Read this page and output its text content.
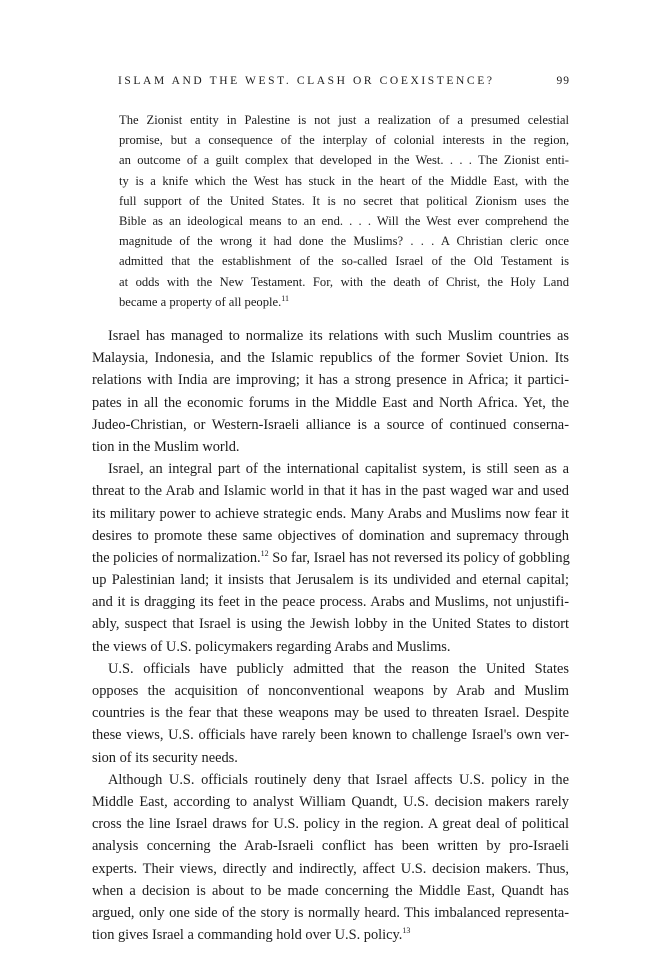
ISLAM AND THE WEST. CLASH OR COEXISTENCE?	99
The Zionist entity in Palestine is not just a realization of a presumed celestial
promise, but a consequence of the interplay of colonial interests in the region,
an outcome of a guilt complex that developed in the West. . . . The Zionist enti-
ty is a knife which the West has stuck in the heart of the Middle East, with the
full support of the United States. It is no secret that political Zionism uses the
Bible as an ideological means to an end. . . . Will the West ever comprehend the
magnitude of the wrong it had done the Muslims? . . . A Christian cleric once
admitted that the establishment of the so-called Israel of the Old Testament is
at odds with the New Testament. For, with the death of Christ, the Holy Land
became a property of all people.$^{11}$
Israel has managed to normalize its relations with such Muslim countries as
Malaysia, Indonesia, and the Islamic republics of the former Soviet Union. Its
relations with India are improving; it has a strong presence in Africa; it partici-
pates in all the economic forums in the Middle East and North Africa. Yet, the
Judeo-Christian, or Western-Israeli alliance is a source of continued conserna-
tion in the Muslim world.
Israel, an integral part of the international capitalist system, is still seen as a
threat to the Arab and Islamic world in that it has in the past waged war and used
its military power to achieve strategic ends. Many Arabs and Muslims now fear it
desires to promote these same objectives of domination and supremacy through
the policies of normalization.$^{12}$ So far, Israel has not reversed its policy of gobbling
up Palestinian land; it insists that Jerusalem is its undivided and eternal capital;
and it is dragging its feet in the peace process. Arabs and Muslims, not unjustifi-
ably, suspect that Israel is using the Jewish lobby in the United States to distort
the views of U.S. policymakers regarding Arabs and Muslims.
U.S. officials have publicly admitted that the reason the United States
opposes the acquisition of nonconventional weapons by Arab and Muslim
countries is the fear that these weapons may be used to threaten Israel. Despite
these views, U.S. officials have rarely been known to challenge Israel's own ver-
sion of its security needs.
Although U.S. officials routinely deny that Israel affects U.S. policy in the
Middle East, according to analyst William Quandt, U.S. decision makers rarely
cross the line Israel draws for U.S. policy in the region. A great deal of political
analysis concerning the Arab-Israeli conflict has been written by pro-Israeli
experts. Their views, directly and indirectly, affect U.S. decision makers. Thus,
when a decision is about to be made concerning the Middle East, Quandt has
argued, only one side of the story is normally heard. This imbalanced representa-
tion gives Israel a commanding hold over U.S. policy.$^{13}$
